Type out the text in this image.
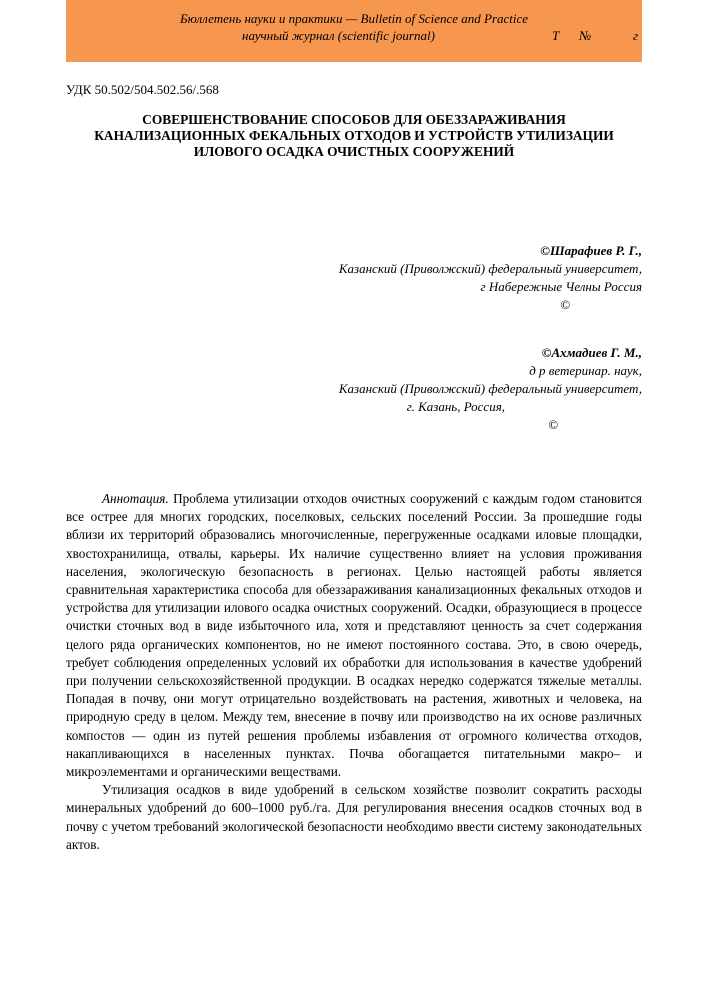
Бюллетень науки и практики — Bulletin of Science and Practice
научный журнал (scientific journal)	Т №	г
УДК 50.502/504.502.56/.568
СОВЕРШЕНСТВОВАНИЕ СПОСОБОВ ДЛЯ ОБЕЗЗАРАЖИВАНИЯ
КАНАЛИЗАЦИОННЫХ ФЕКАЛЬНЫХ ОТХОДОВ И УСТРОЙСТВ УТИЛИЗАЦИИ
ИЛОВОГО ОСАДКА ОЧИСТНЫХ СООРУЖЕНИЙ
©Шарафиев Р. Г.,
Казанский (Приволжский) федеральный университет,
г Набережные Челны Россия
©
©Ахмадиев Г. М.,
д р ветеринар. наук,
Казанский (Приволжский) федеральный университет,
г. Казань, Россия,
©

Аннотация. Проблема утилизации отходов очистных сооружений с каждым годом становится все острее для многих городских, поселковых, сельских поселений России. За прошедшие годы вблизи их территорий образовались многочисленные, перегруженные осадками иловые площадки, хвостохранилища, отвалы, карьеры. Их наличие существенно влияет на условия проживания населения, экологическую безопасность в регионах. Целью настоящей работы является сравнительная характеристика способа для обеззараживания канализационных фекальных отходов и устройства для утилизации илового осадка очистных сооружений. Осадки, образующиеся в процессе очистки сточных вод в виде избыточного ила, хотя и представляют ценность за счет содержания целого ряда органических компонентов, но не имеют постоянного состава. Это, в свою очередь, требует соблюдения определенных условий их обработки для использования в качестве удобрений при получении сельскохозяйственной продукции. В осадках нередко содержатся тяжелые металлы. Попадая в почву, они могут отрицательно воздействовать на растения, животных и человека, на природную среду в целом. Между тем, внесение в почву или производство на их основе различных компостов — один из путей решения проблемы избавления от огромного количества отходов, накапливающихся в населенных пунктах. Почва обогащается питательными макро– и микроэлементами и органическими веществами.

Утилизация осадков в виде удобрений в сельском хозяйстве позволит сократить расходы минеральных удобрений до 600–1000 руб./га. Для регулирования внесения осадков сточных вод в почву с учетом требований экологической безопасности необходимо ввести систему законодательных актов.
